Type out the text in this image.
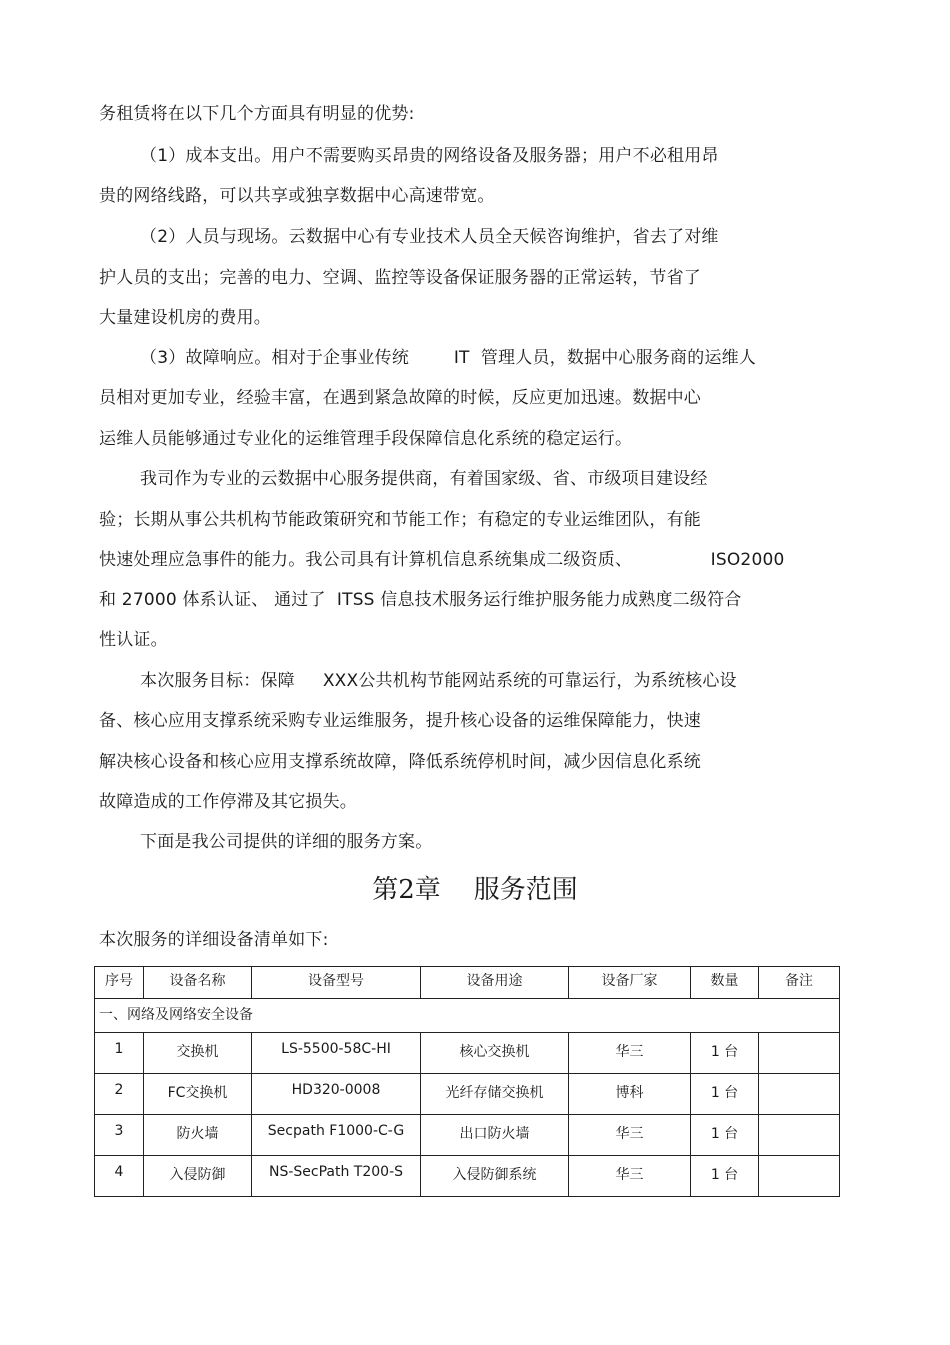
务租赁将在以下几个方面具有明显的优势:
（1）成本支出。用户不需要购买昂贵的网络设备及服务器；用户不必租用昂
贵的网络线路，可以共享或独享数据中心高速带宽。
（2）人员与现场。云数据中心有专业技术人员全天候咨询维护，省去了对维
护人员的支出；完善的电力、空调、监控等设备保证服务器的正常运转，节省了
大量建设机房的费用。
（3）故障响应。相对于企事业传统        IT  管理人员，数据中心服务商的运维人
员相对更加专业，经验丰富，在遇到紧急故障的时候，反应更加迅速。数据中心
运维人员能够通过专业化的运维管理手段保障信息化系统的稳定运行。
我司作为专业的云数据中心服务提供商，有着国家级、省、市级项目建设经
验；长期从事公共机构节能政策研究和节能工作；有稳定的专业运维团队，有能
快速处理应急事件的能力。我公司具有计算机信息系统集成二级资质、              ISO2000
和 27000 体系认证、 通过了  ITSS 信息技术服务运行维护服务能力成熟度二级符合
性认证。
本次服务目标：保障     XXX公共机构节能网站系统的可靠运行，为系统核心设
备、核心应用支撑系统采购专业运维服务，提升核心设备的运维保障能力，快速
解决核心设备和核心应用支撑系统故障，降低系统停机时间，减少因信息化系统
故障造成的工作停滞及其它损失。
下面是我公司提供的详细的服务方案。
第2章    服务范围
本次服务的详细设备清单如下:
序号	设备名称	设备型号	设备用途	设备厂家	数量	备注
一、网络及网络安全设备						
1	交换机	LS-5500-58C-HI	核心交换机	华三	1 台	
2	FC交换机	HD320-0008	光纤存储交换机	博科	1 台	
3	防火墙	Secpath F1000-C-G	出口防火墙	华三	1 台	
4	入侵防御	NS-SecPath T200-S	入侵防御系统	华三	1 台	
